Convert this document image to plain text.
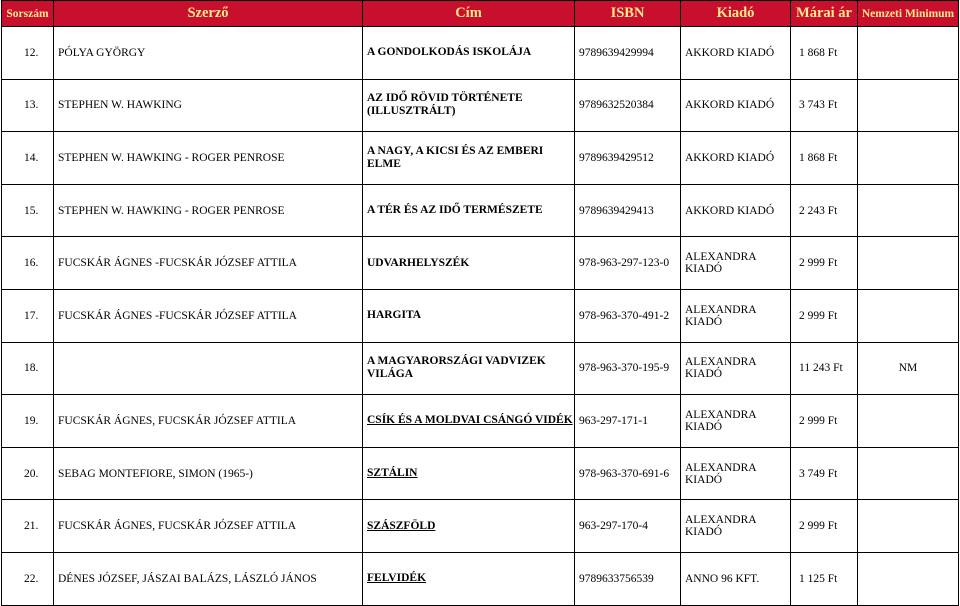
Sorszám	Szerző	Cím	ISBN	Kiadó	Márai ár	Nemzeti Minimum
12.	PÓLYA GYÖRGY	A GONDOLKODÁS ISKOLÁJA	9789639429994	AKKORD KIADÓ	1 868 Ft	
13.	STEPHEN W. HAWKING	AZ IDŐ RÖVID TÖRTÉNETE (ILLUSZTRÁLT)	9789632520384	AKKORD KIADÓ	3 743 Ft	
14.	STEPHEN W. HAWKING - ROGER PENROSE	A NAGY, A KICSI ÉS AZ EMBERI ELME	9789639429512	AKKORD KIADÓ	1 868 Ft	
15.	STEPHEN W. HAWKING - ROGER PENROSE	A TÉR ÉS AZ IDŐ TERMÉSZETE	9789639429413	AKKORD KIADÓ	2 243 Ft	
16.	FUCSKÁR ÁGNES -FUCSKÁR JÓZSEF ATTILA	UDVARHELYSZÉK	978-963-297-123-0	ALEXANDRA KIADÓ	2 999 Ft	
17.	FUCSKÁR ÁGNES -FUCSKÁR JÓZSEF ATTILA	HARGITA	978-963-370-491-2	ALEXANDRA KIADÓ	2 999 Ft	
18.		A MAGYARORSZÁGI VADVIZEK VILÁGA	978-963-370-195-9	ALEXANDRA KIADÓ	11 243 Ft	NM
19.	FUCSKÁR ÁGNES, FUCSKÁR JÓZSEF ATTILA	CSÍK ÉS A MOLDVAI CSÁNGÓ VIDÉK	963-297-171-1	ALEXANDRA KIADÓ	2 999 Ft	
20.	SEBAG MONTEFIORE, SIMON (1965-)	SZTÁLIN	978-963-370-691-6	ALEXANDRA KIADÓ	3 749 Ft	
21.	FUCSKÁR ÁGNES, FUCSKÁR JÓZSEF ATTILA	SZÁSZFÖLD	963-297-170-4	ALEXANDRA KIADÓ	2 999 Ft	
22.	DÉNES JÓZSEF, JÁSZAI BALÁZS, LÁSZLÓ JÁNOS	FELVIDÉK	9789633756539	ANNO 96 KFT.	1 125 Ft	
